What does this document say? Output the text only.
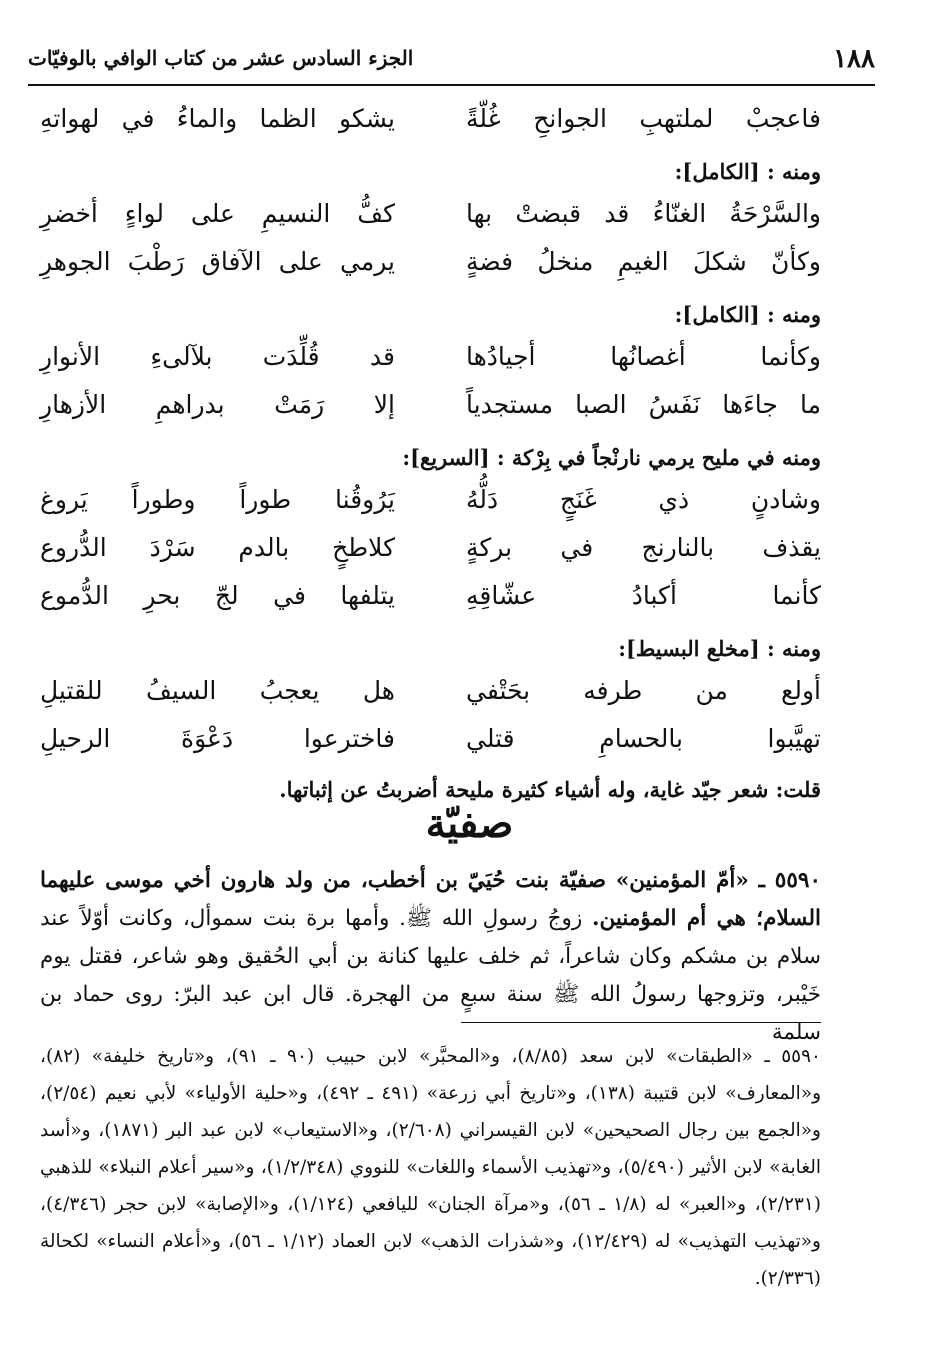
١٨٨
الجزء السادس عشر من كتاب الوافي بالوفيّات
فاعجبْ لملتهبِ الجوانحِ غُلّةً
يشكو الظما والماءُ في لهواتهِ
ومنه : [الكامل]:
والسَّرْحَةُ الغنّاءُ قد قبضتْ بها
كفُّ النسيمِ على لواءٍ أخضرِ
وكأنّ شكلَ الغيمِ منخلُ فضةٍ
يرمي على الآفاق رَطْبَ الجوهرِ
ومنه : [الكامل]:
وكأنما أغصانُها أجيادُها
قد قُلِّدَت بلآلىءِ الأنوارِ
ما جاءَها نَفَسُ الصبا مستجدياً
إلا رَمَتْ بدراهمِ الأزهارِ
ومنه في مليح يرمي نارنْجاً في بِرْكة : [السريع]:
وشادنٍ ذي غَنَجٍ دَلُّهُ
يَرُوقُنا طوراً وطوراً يَروغ
يقذف بالنارنج في بركةٍ
كلاطخٍ بالدم سَرْدَ الدُّروع
كأنما أكبادُ عشّاقِهِ
يتلفها في لجّ بحرِ الدُّموع
ومنه : [مخلع البسيط]:
أولع من طرفه بحَتْفي
هل يعجبُ السيفُ للقتيلِ
تهيَّبوا بالحسامِ قتلي
فاخترعوا دَعْوَةَ الرحيلِ
قلت: شعر جيّد غاية، وله أشياء كثيرة مليحة أضربتُ عن إثباتها.
صفيّة
٥٥٩٠ ـ «أمّ المؤمنين» صفيّة بنت حُيَيّ بن أخطب، من ولد هارون أخي موسى عليهما السلام؛ هي أم المؤمنين. زوجُ رسولِ الله ﷺ. وأمها برة بنت سموأل، وكانت أوّلاً عند سلام بن مشكم وكان شاعراً، ثم خلف عليها كنانة بن أبي الحُقيق وهو شاعر، فقتل يوم خَيْبر، وتزوجها رسولُ الله ﷺ سنة سبعٍ من الهجرة. قال ابن عبد البرّ: روى حماد بن سلمة
٥٥٩٠ ـ «الطبقات» لابن سعد (٨/٨٥)، و«المحبَّر» لابن حبيب (٩٠ ـ ٩١)، و«تاريخ خليفة» (٨٢)، و«المعارف» لابن قتيبة (١٣٨)، و«تاريخ أبي زرعة» (٤٩١ ـ ٤٩٢)، و«حلية الأولياء» لأبي نعيم (٢/٥٤)، و«الجمع بين رجال الصحيحين» لابن القيسراني (٢/٦٠٨)، و«الاستيعاب» لابن عبد البر (١٨٧١)، و«أسد الغابة» لابن الأثير (٥/٤٩٠)، و«تهذيب الأسماء واللغات» للنووي (١/٢/٣٤٨)، و«سير أعلام النبلاء» للذهبي (٢/٢٣١)، و«العبر» له (١/٨ ـ ٥٦)، و«مرآة الجنان» لليافعي (١/١٢٤)، و«الإصابة» لابن حجر (٤/٣٤٦)، و«تهذيب التهذيب» له (١٢/٤٢٩)، و«شذرات الذهب» لابن العماد (١/١٢ ـ ٥٦)، و«أعلام النساء» لكحالة (٢/٣٣٦).
